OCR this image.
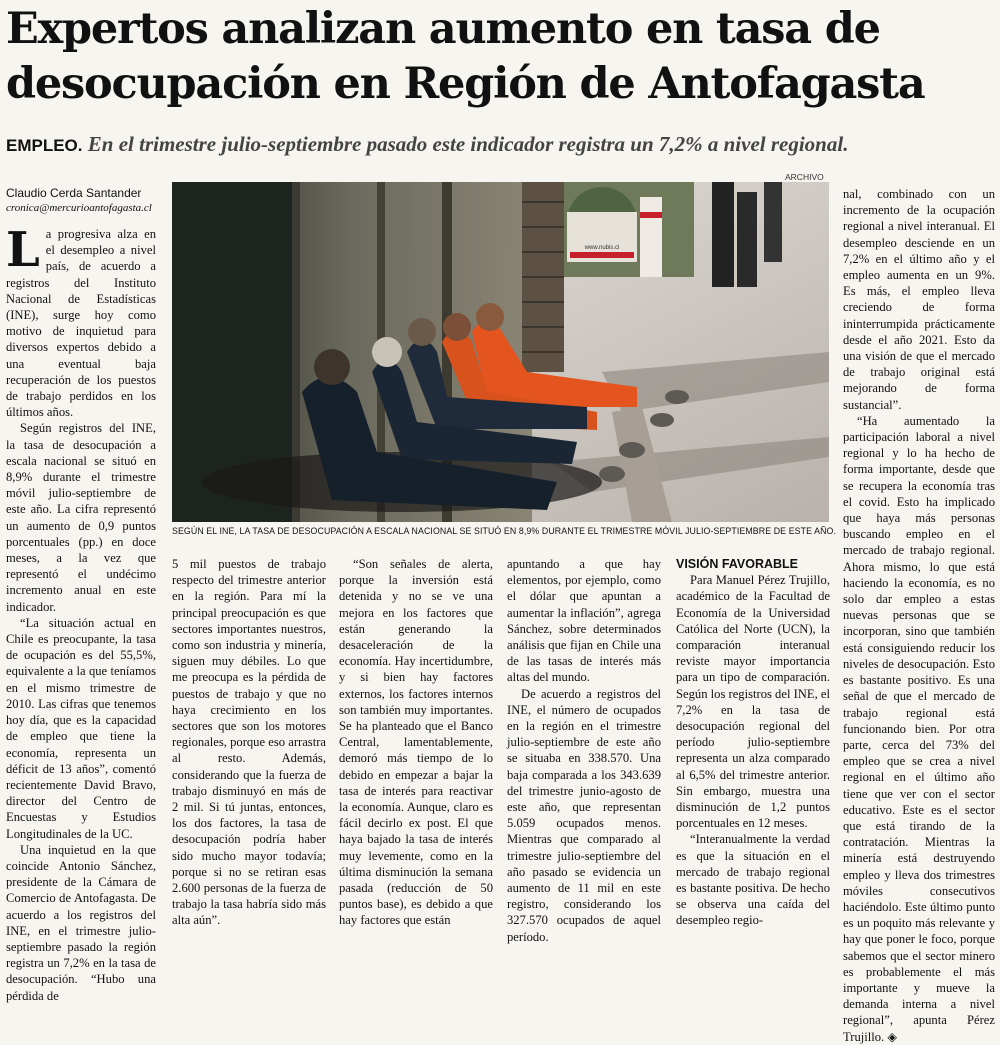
Expertos analizan aumento en tasa de
desocupación en Región de Antofagasta
EMPLEO. En el trimestre julio-septiembre pasado este indicador registra un 7,2% a nivel regional.
Claudio Cerda Santander
cronica@mercurioantofagasta.cl
ARCHIVO
www.nubis.cl
SEGÚN EL INE, LA TASA DE DESOCUPACIÓN A ESCALA NACIONAL SE SITUÓ EN 8,9% DURANTE EL TRIMESTRE MÓVIL JULIO-SEPTIEMBRE DE ESTE AÑO.

La progresiva alza en el desempleo a nivel país, de acuerdo a registros del Instituto Nacional de Estadísticas (INE), surge hoy como motivo de inquietud para diversos expertos debido a una eventual baja recuperación de los puestos de trabajo perdidos en los últimos años.

Según registros del INE, la tasa de desocupación a escala nacional se situó en 8,9% durante el trimestre móvil julio-septiembre de este año. La cifra representó un aumento de 0,9 puntos porcentuales (pp.) en doce meses, a la vez que representó el undécimo incremento anual en este indicador.

“La situación actual en Chile es preocupante, la tasa de ocupación es del 55,5%, equivalente a la que teníamos en el mismo trimestre de 2010. Las cifras que tenemos hoy día, que es la capacidad de empleo que tiene la economía, representa un déficit de 13 años”, comentó recientemente David Bravo, director del Centro de Encuestas y Estudios Longitudinales de la UC.

Una inquietud en la que coincide Antonio Sánchez, presidente de la Cámara de Comercio de Antofagasta. De acuerdo a los registros del INE, en el trimestre julio-septiembre pasado la región registra un 7,2% en la tasa de desocupación. “Hubo una pérdida de

5 mil puestos de trabajo respecto del trimestre anterior en la región. Para mí la principal preocupación es que sectores importantes nuestros, como son industria y minería, siguen muy débiles. Lo que me preocupa es la pérdida de puestos de trabajo y que no haya crecimiento en los sectores que son los motores regionales, porque eso arrastra al resto. Además, considerando que la fuerza de trabajo disminuyó en más de 2 mil. Si tú juntas, entonces, los dos factores, la tasa de desocupación podría haber sido mucho mayor todavía; porque si no se retiran esas 2.600 personas de la fuerza de trabajo la tasa habría sido más alta aún”.

“Son señales de alerta, porque la inversión está detenida y no se ve una mejora en los factores que están generando la desaceleración de la economía. Hay incertidumbre, y si bien hay factores externos, los factores internos son también muy importantes. Se ha planteado que el Banco Central, lamentablemente, demoró más tiempo de lo debido en empezar a bajar la tasa de interés para reactivar la economía. Aunque, claro es fácil decirlo ex post. El que haya bajado la tasa de interés muy levemente, como en la última disminución la semana pasada (reducción de 50 puntos base), es debido a que hay factores que están

apuntando a que hay elementos, por ejemplo, como el dólar que apuntan a aumentar la inflación”, agrega Sánchez, sobre determinados análisis que fijan en Chile una de las tasas de interés más altas del mundo.

De acuerdo a registros del INE, el número de ocupados en la región en el trimestre julio-septiembre de este año se situaba en 338.570. Una baja comparada a los 343.639 del trimestre junio-agosto de este año, que representan 5.059 ocupados menos. Mientras que comparado al trimestre julio-septiembre del año pasado se evidencia un aumento de 11 mil en este registro, considerando los 327.570 ocupados de aquel período.

VISIÓN FAVORABLE

Para Manuel Pérez Trujillo, académico de la Facultad de Economía de la Universidad Católica del Norte (UCN), la comparación interanual reviste mayor importancia para un tipo de comparación. Según los registros del INE, el 7,2% en la tasa de desocupación regional del período julio-septiembre representa un alza comparado al 6,5% del trimestre anterior. Sin embargo, muestra una disminución de 1,2 puntos porcentuales en 12 meses.

“Interanualmente la verdad es que la situación en el mercado de trabajo regional es bastante positiva. De hecho se observa una caída del desempleo regio-

nal, combinado con un incremento de la ocupación regional a nivel interanual. El desempleo desciende en un 7,2% en el último año y el empleo aumenta en un 9%. Es más, el empleo lleva creciendo de forma ininterrumpida prácticamente desde el año 2021. Esto da una visión de que el mercado de trabajo original está mejorando de forma sustancial”.

“Ha aumentado la participación laboral a nivel regional y lo ha hecho de forma importante, desde que se recupera la economía tras el covid. Esto ha implicado que haya más personas buscando empleo en el mercado de trabajo regional. Ahora mismo, lo que está haciendo la economía, es no solo dar empleo a estas nuevas personas que se incorporan, sino que también está consiguiendo reducir los niveles de desocupación. Esto es bastante positivo. Es una señal de que el mercado de trabajo regional está funcionando bien. Por otra parte, cerca del 73% del empleo que se crea a nivel regional en el último año tiene que ver con el sector educativo. Este es el sector que está tirando de la contratación. Mientras la minería está destruyendo empleo y lleva dos trimestres móviles consecutivos haciéndolo. Este último punto es un poquito más relevante y hay que poner le foco, porque sabemos que el sector minero es probablemente el más importante y mueve la demanda interna a nivel regional”, apunta Pérez Trujillo. ◈
